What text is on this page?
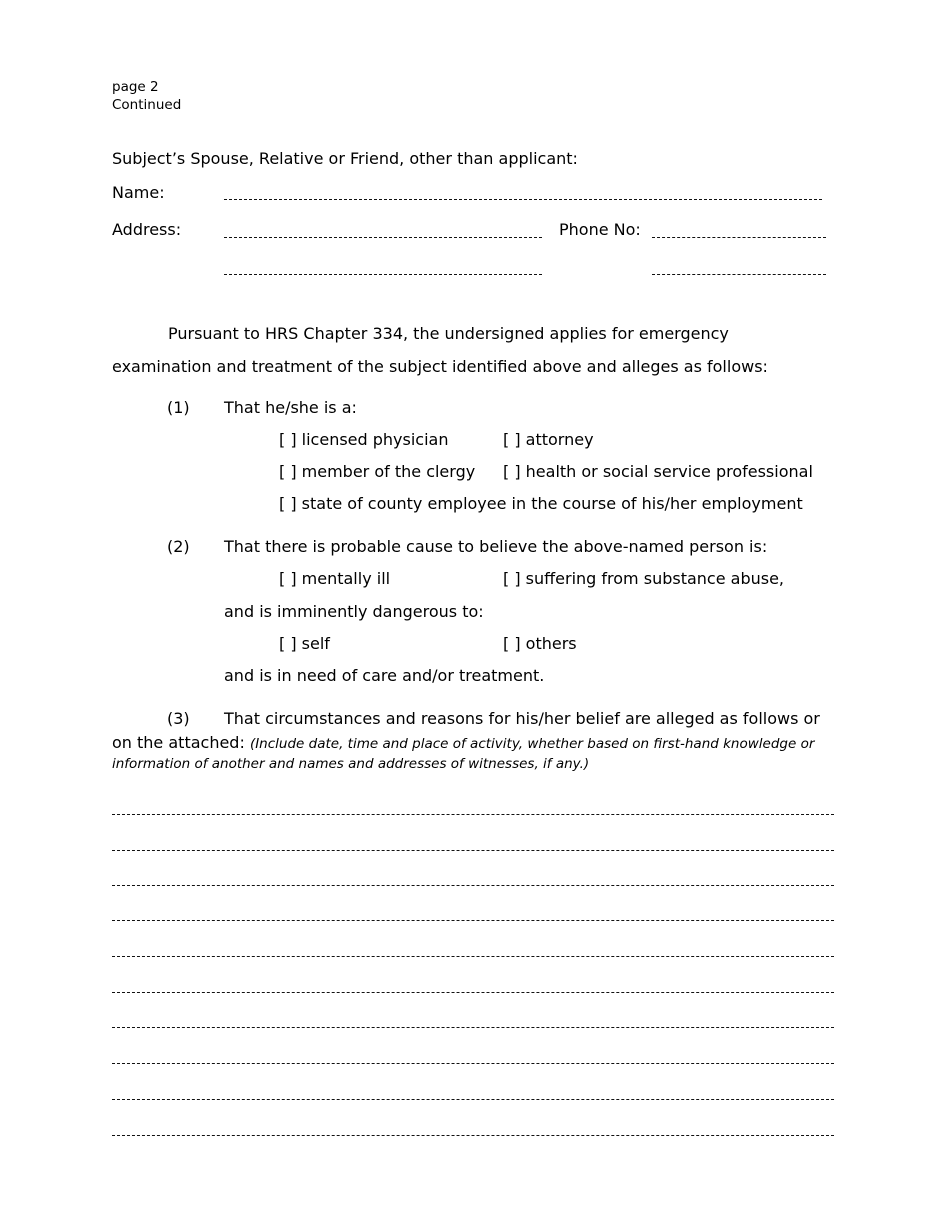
page 2
Continued
Subject’s Spouse, Relative or Friend, other than applicant:
Name:
Address:	Phone No:
Pursuant to HRS Chapter 334, the undersigned applies for emergency
examination and treatment of the subject identified above and alleges as follows:
(1) That he/she is a:
[ ] licensed physician	[ ] attorney
[ ] member of the clergy [ ] health or social service professional
[ ] state of county employee in the course of his/her employment
(2) That there is probable cause to believe the above-named person is:
[ ] mentally ill	[ ] suffering from substance abuse,
and is imminently dangerous to:
[ ] self	[ ] others
and is in need of care and/or treatment.
(3) That circumstances and reasons for his/her belief are alleged as follows or
on the attached: (Include date, time and place of activity, whether based on first-hand knowledge or
information of another and names and addresses of witnesses, if any.)
